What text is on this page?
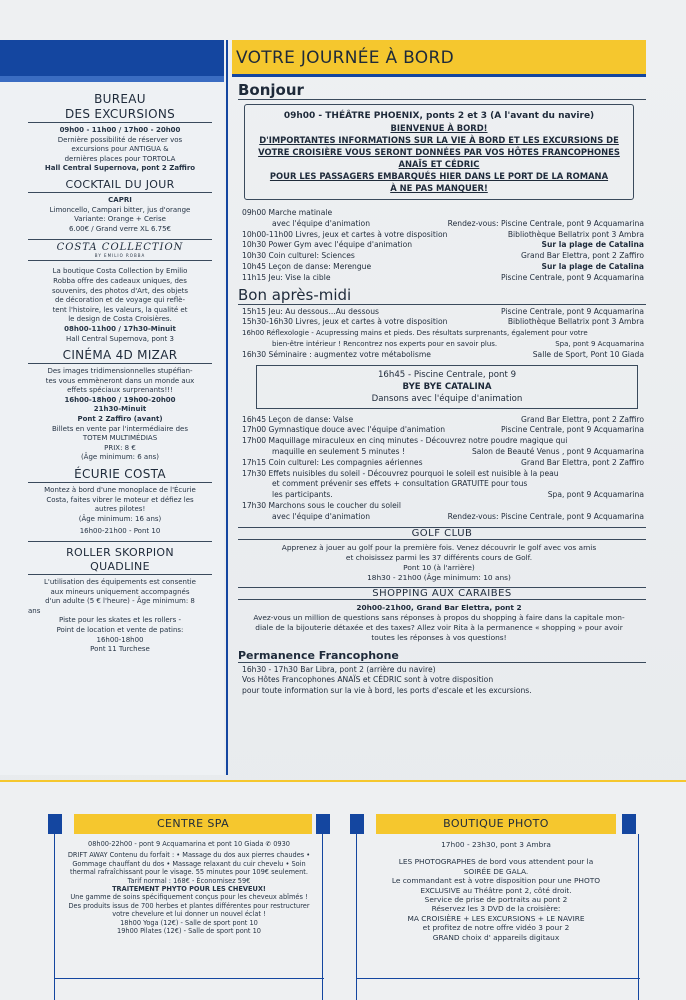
BUREAU
DES EXCURSIONS
09h00 - 11h00 / 17h00 - 20h00
Dernière possibilité de réserver vos
excursions pour ANTIGUA &
dernières places pour TORTOLA
Hall Central Supernova, pont 2 Zaffiro
COCKTAIL DU JOUR
CAPRI
Limoncello, Campari bitter, jus d'orange
Variante: Orange + Cerise
6.00€ / Grand verre XL 6.75€
COSTA COLLECTION
BY EMILIO ROBBA
La boutique Costa Collection by Emilio
Robba offre des cadeaux uniques, des
souvenirs, des photos d'Art, des objets
de décoration et de voyage qui reflè-
tent l'histoire, les valeurs, la qualité et
le design de Costa Croisières.
08h00-11h00 / 17h30-Minuit
Hall Central Supernova, pont 3
CINÉMA 4D MIZAR
Des images tridimensionnelles stupéfian-
tes vous emmèneront dans un monde aux
effets spéciaux surprenants!!!
16h00-18h00 / 19h00-20h00
21h30-Minuit
Pont 2 Zaffiro (avant)
Billets en vente par l'intermédiaire des
TOTEM MULTIMÉDIAS
PRIX: 8 €
(Âge minimum: 6 ans)
ÉCURIE COSTA
Montez à bord d'une monoplace de l'Écurie
Costa, faites vibrer le moteur et défiez les
autres pilotes!
(Âge minimum: 16 ans)
16h00-21h00 - Pont 10
ROLLER SKORPION
QUADLINE
L'utilisation des équipements est consentie
aux mineurs uniquement accompagnés
d'un adulte (5 € l'heure) - Âge minimum: 8
ans
Piste pour les skates et les rollers -
Point de location et vente de patins:
16h00-18h00
Pont 11 Turchese
VOTRE JOURNÉE À BORD
Bonjour
09h00 - THÉÂTRE PHOENIX, ponts 2 et 3 (A l'avant du navire)
BIENVENUE À BORD!
D'IMPORTANTES INFORMATIONS SUR LA VIE À BORD ET LES EXCURSIONS DE
VOTRE CROISIÈRE VOUS SERONT DONNÉES PAR VOS HÔTES FRANCOPHONES
ANAÏS ET CÉDRIC
POUR LES PASSAGERS EMBARQUÉS HIER DANS LE PORT DE LA ROMANA
À NE PAS MANQUER!
09h00 Marche matinale
avec l'équipe d'animation	Rendez-vous: Piscine Centrale, pont 9 Acquamarina
10h00-11h00 Livres, jeux et cartes à votre disposition	Bibliothèque Bellatrix pont 3 Ambra
10h30 Power Gym avec l'équipe d'animation	Sur la plage de Catalina
10h30 Coin culturel: Sciences	Grand Bar Elettra, pont 2 Zaffiro
10h45 Leçon de danse: Merengue	Sur la plage de Catalina
11h15 Jeu: Vise la cible	Piscine Centrale, pont 9 Acquamarina
Bon après-midi
15h15 Jeu: Au dessous...Au dessous	Piscine Centrale, pont 9 Acquamarina
15h30-16h30 Livres, jeux et cartes à votre disposition	Bibliothèque Bellatrix pont 3 Ambra
16h00 Réflexologie - Acupressing mains et pieds. Des résultats surprenants, également pour votre
bien-être intérieur ! Rencontrez nos experts pour en savoir plus.	Spa, pont 9 Acquamarina
16h30 Séminaire : augmentez votre métabolisme	Salle de Sport, Pont 10 Giada
16h45 - Piscine Centrale, pont 9
BYE BYE CATALINA
Dansons avec l'équipe d'animation
16h45 Leçon de danse: Valse	Grand Bar Elettra, pont 2 Zaffiro
17h00 Gymnastique douce avec l'équipe d'animation	Piscine Centrale, pont 9 Acquamarina
17h00 Maquillage miraculeux en cinq minutes - Découvrez notre poudre magique qui
maquille en seulement 5 minutes !	Salon de Beauté Venus , pont 9 Acquamarina
17h15 Coin culturel: Les compagnies aériennes	Grand Bar Elettra, pont 2 Zaffiro
17h30 Effets nuisibles du soleil - Découvrez pourquoi le soleil est nuisible à la peau
et comment prévenir ses effets + consultation GRATUITE pour tous
les participants.	Spa, pont 9 Acquamarina
17h30 Marchons sous le coucher du soleil
avec l'équipe d'animation	Rendez-vous: Piscine Centrale, pont 9 Acquamarina
GOLF CLUB
Apprenez à jouer au golf pour la première fois. Venez découvrir le golf avec vos amis
et choisissez parmi les 37 différents cours de Golf.
Pont 10 (à l'arrière)
18h30 - 21h00 (Âge minimum: 10 ans)
SHOPPING AUX CARAIBES
20h00-21h00, Grand Bar Elettra, pont 2
Avez-vous un million de questions sans réponses à propos du shopping à faire dans la capitale mon-
diale de la bijouterie détaxée et des taxes? Allez voir Rita à la permanence « shopping » pour avoir
toutes les réponses à vos questions!
Permanence Francophone
16h30 - 17h30 Bar Libra, pont 2 (arrière du navire)
Vos Hôtes Francophones ANAÏS et CÉDRIC sont à votre disposition
pour toute information sur la vie à bord, les ports d'escale et les excursions.
CENTRE SPA
08h00-22h00 - pont 9 Acquamarina et pont 10 Giada ✆ 0930
DRIFT AWAY Contenu du forfait : • Massage du dos aux pierres chaudes •
Gommage chauffant du dos • Massage relaxant du cuir chevelu • Soin
thermal rafraîchissant pour le visage. 55 minutes pour 109€ seulement.
Tarif normal : 168€ - Économisez 59€
TRAITEMENT PHYTO POUR LES CHEVEUX!
Une gamme de soins spécifiquement conçus pour les cheveux abîmés !
Des produits issus de 700 herbes et plantes différentes pour restructurer
votre chevelure et lui donner un nouvel éclat !
18h00 Yoga (12€) - Salle de sport pont 10
19h00 Pilates (12€) - Salle de sport pont 10
BOUTIQUE PHOTO
17h00 - 23h30, pont 3 Ambra
LES PHOTOGRAPHES de bord vous attendent pour la
SOIRÉE DE GALA.
Le commandant est à votre disposition pour une PHOTO
EXCLUSIVE au Théâtre pont 2, côté droit.
Service de prise de portraits au pont 2
Réservez les 3 DVD de la croisière:
MA CROISIÈRE + LES EXCURSIONS + LE NAVIRE
et profitez de notre offre vidéo 3 pour 2
GRAND choix d' appareils digitaux
